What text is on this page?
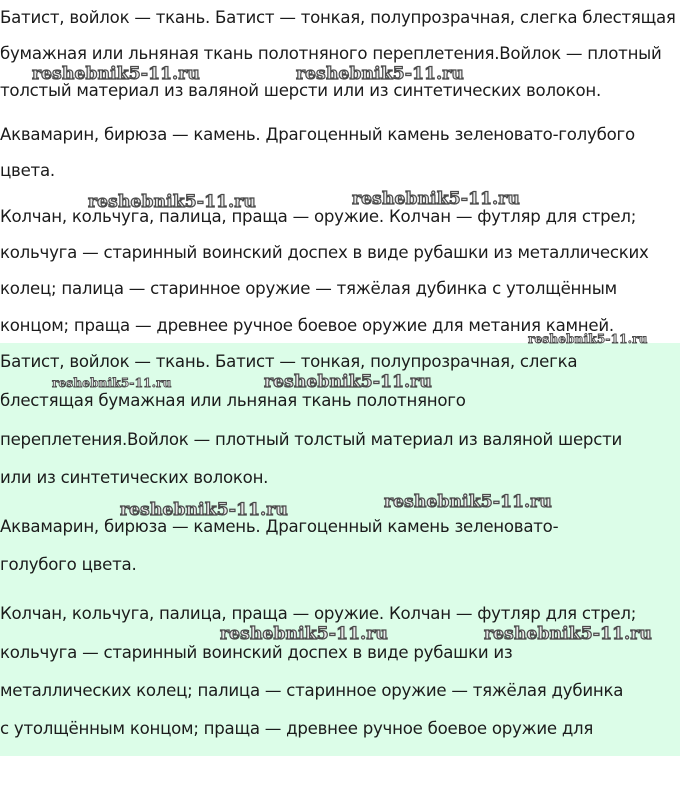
Батист, войлок — ткань. Батист — тонкая, полупрозрачная, слегка блестящая

бумажная или льняная ткань полотняного переплетения.Войлок — плотный

толстый материал из валяной шерсти или из синтетических волокон.

Аквамарин, бирюза — камень. Драгоценный камень зеленовато-голубого

цвета.

Колчан, кольчуга, палица, праща — оружие. Колчан — футляр для стрел;

кольчуга — старинный воинский доспех в виде рубашки из металлических

колец; палица — старинное оружие — тяжёлая дубинка с утолщённым

концом; праща — древнее ручное боевое оружие для метания камней.

Батист, войлок — ткань. Батист — тонкая, полупрозрачная, слегка

блестящая бумажная или льняная ткань полотняного

переплетения.Войлок — плотный толстый материал из валяной шерсти

или из синтетических волокон.

Аквамарин, бирюза — камень. Драгоценный камень зеленовато-

голубого цвета.

Колчан, кольчуга, палица, праща — оружие. Колчан — футляр для стрел;

кольчуга — старинный воинский доспех в виде рубашки из

металлических колец; палица — старинное оружие — тяжёлая дубинка

с утолщённым концом; праща — древнее ручное боевое оружие для

reshebnik5-11.ru	reshebnik5-11.ru
reshebnik5-11.ru	reshebnik5-11.ru
reshebnik5-11.ru
reshebnik5-11.ru	reshebnik5-11.ru
reshebnik5-11.ru	reshebnik5-11.ru
reshebnik5-11.ru	reshebnik5-11.ru
